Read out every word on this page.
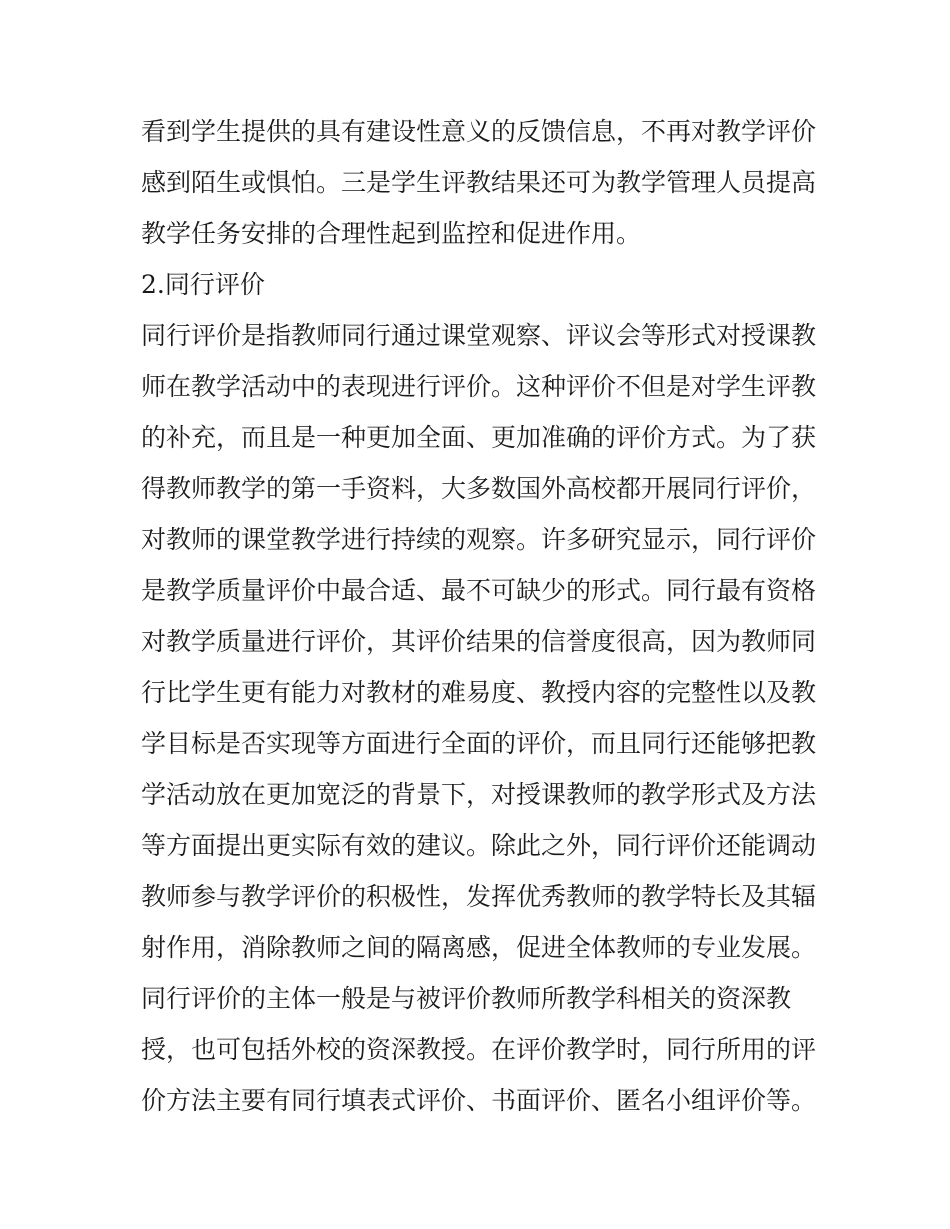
看到学生提供的具有建设性意义的反馈信息，不再对教学评价
感到陌生或惧怕。三是学生评教结果还可为教学管理人员提高
教学任务安排的合理性起到监控和促进作用。
2.同行评价
同行评价是指教师同行通过课堂观察、评议会等形式对授课教
师在教学活动中的表现进行评价。这种评价不但是对学生评教
的补充，而且是一种更加全面、更加准确的评价方式。为了获
得教师教学的第一手资料，大多数国外高校都开展同行评价，
对教师的课堂教学进行持续的观察。许多研究显示，同行评价
是教学质量评价中最合适、最不可缺少的形式。同行最有资格
对教学质量进行评价，其评价结果的信誉度很高，因为教师同
行比学生更有能力对教材的难易度、教授内容的完整性以及教
学目标是否实现等方面进行全面的评价，而且同行还能够把教
学活动放在更加宽泛的背景下，对授课教师的教学形式及方法
等方面提出更实际有效的建议。除此之外，同行评价还能调动
教师参与教学评价的积极性，发挥优秀教师的教学特长及其辐
射作用，消除教师之间的隔离感，促进全体教师的专业发展。
同行评价的主体一般是与被评价教师所教学科相关的资深教
授，也可包括外校的资深教授。在评价教学时，同行所用的评
价方法主要有同行填表式评价、书面评价、匿名小组评价等。
